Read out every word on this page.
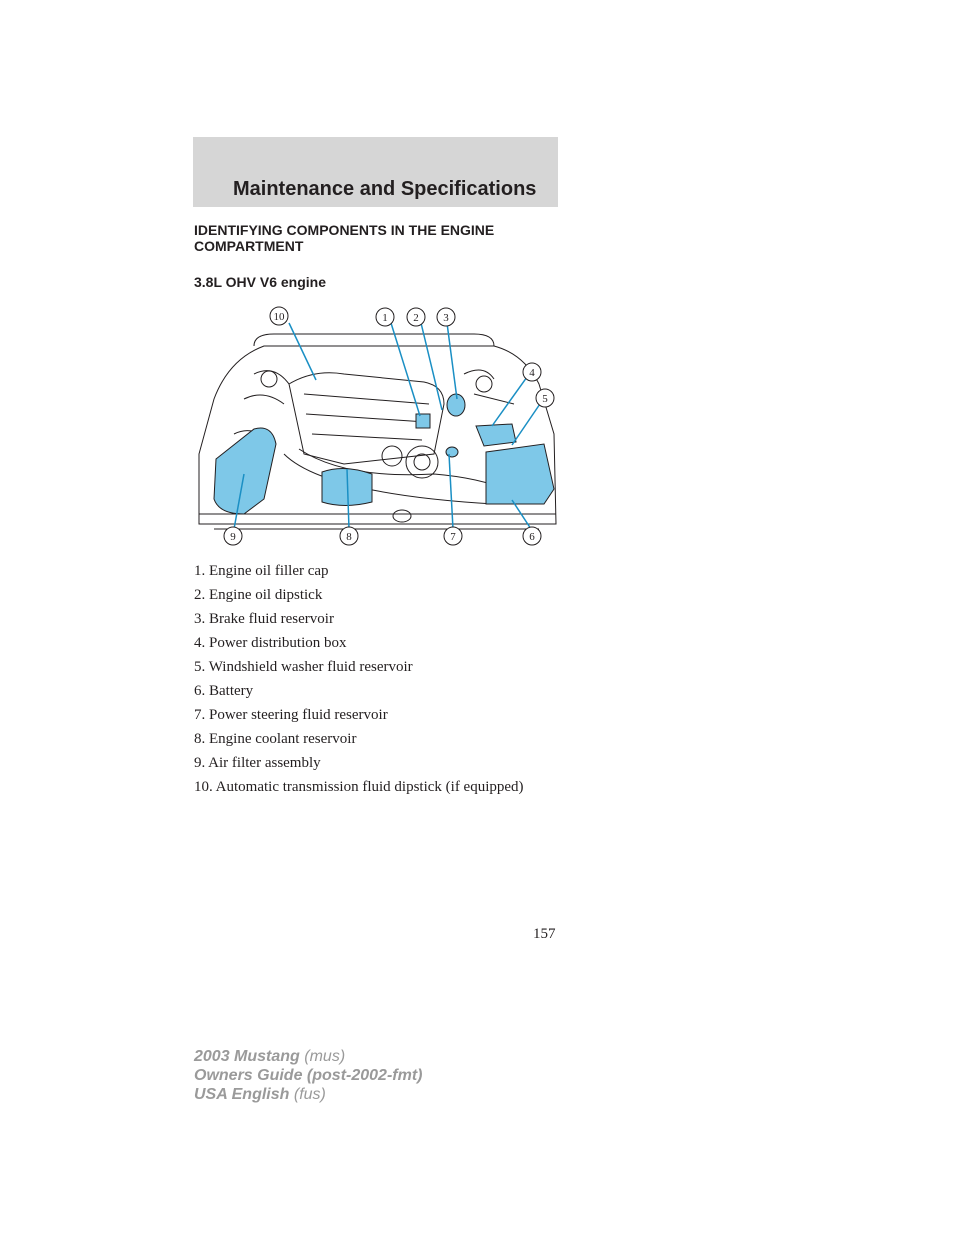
Maintenance and Specifications
IDENTIFYING COMPONENTS IN THE ENGINE COMPARTMENT
3.8L OHV V6 engine
10	1 2 3
4
5
9	8	7	6
1. Engine oil filler cap
2. Engine oil dipstick
3. Brake fluid reservoir
4. Power distribution box
5. Windshield washer fluid reservoir
6. Battery
7. Power steering fluid reservoir
8. Engine coolant reservoir
9. Air filter assembly
10. Automatic transmission fluid dipstick (if equipped)
157
2003 Mustang (mus)
Owners Guide (post-2002-fmt)
USA English (fus)
